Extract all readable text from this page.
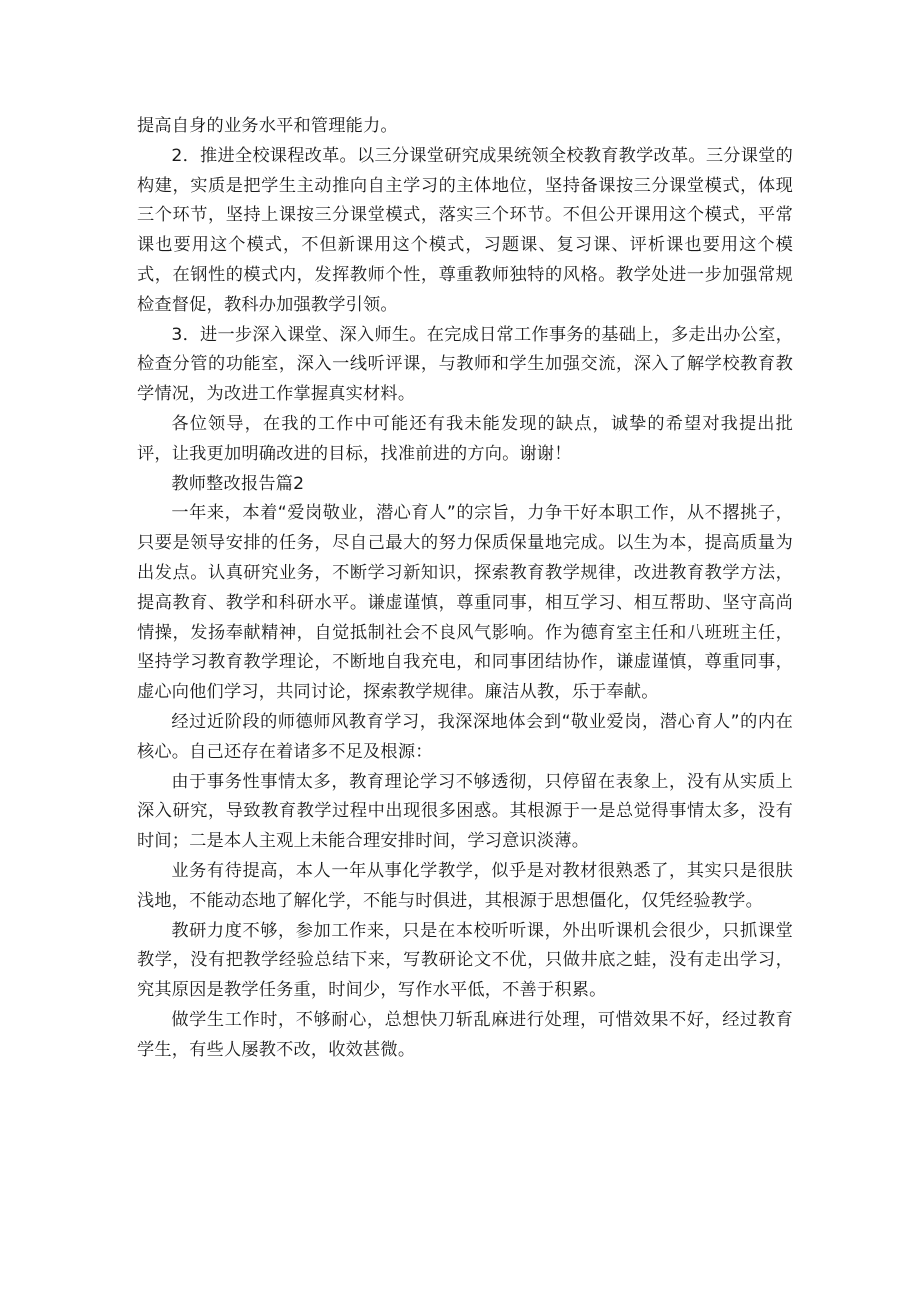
提高自身的业务水平和管理能力。

2．推进全校课程改革。以三分课堂研究成果统领全校教育教学改革。三分课堂的构建，实质是把学生主动推向自主学习的主体地位，坚持备课按三分课堂模式，体现三个环节，坚持上课按三分课堂模式，落实三个环节。不但公开课用这个模式，平常课也要用这个模式，不但新课用这个模式，习题课、复习课、评析课也要用这个模式，在钢性的模式内，发挥教师个性，尊重教师独特的风格。教学处进一步加强常规检查督促，教科办加强教学引领。

3．进一步深入课堂、深入师生。在完成日常工作事务的基础上，多走出办公室，检查分管的功能室，深入一线听评课，与教师和学生加强交流，深入了解学校教育教学情况，为改进工作掌握真实材料。

各位领导，在我的工作中可能还有我未能发现的缺点，诚挚的希望对我提出批评，让我更加明确改进的目标，找准前进的方向。谢谢！

教师整改报告篇2

一年来，本着“爱岗敬业，潜心育人”的宗旨，力争干好本职工作，从不撂挑子，只要是领导安排的任务，尽自己最大的努力保质保量地完成。以生为本，提高质量为出发点。认真研究业务，不断学习新知识，探索教育教学规律，改进教育教学方法，提高教育、教学和科研水平。谦虚谨慎，尊重同事，相互学习、相互帮助、坚守高尚情操，发扬奉献精神，自觉抵制社会不良风气影响。作为德育室主任和八班班主任，坚持学习教育教学理论，不断地自我充电，和同事团结协作，谦虚谨慎，尊重同事，虚心向他们学习，共同讨论，探索教学规律。廉洁从教，乐于奉献。

经过近阶段的师德师风教育学习，我深深地体会到“敬业爱岗，潜心育人”的内在核心。自己还存在着诸多不足及根源：

由于事务性事情太多，教育理论学习不够透彻，只停留在表象上，没有从实质上深入研究，导致教育教学过程中出现很多困惑。其根源于一是总觉得事情太多，没有时间；二是本人主观上未能合理安排时间，学习意识淡薄。

业务有待提高，本人一年从事化学教学，似乎是对教材很熟悉了，其实只是很肤浅地，不能动态地了解化学，不能与时俱进，其根源于思想僵化，仅凭经验教学。

教研力度不够，参加工作来，只是在本校听听课，外出听课机会很少，只抓课堂教学，没有把教学经验总结下来，写教研论文不优，只做井底之蛙，没有走出学习，究其原因是教学任务重，时间少，写作水平低，不善于积累。

做学生工作时，不够耐心，总想快刀斩乱麻进行处理，可惜效果不好，经过教育学生，有些人屡教不改，收效甚微。
